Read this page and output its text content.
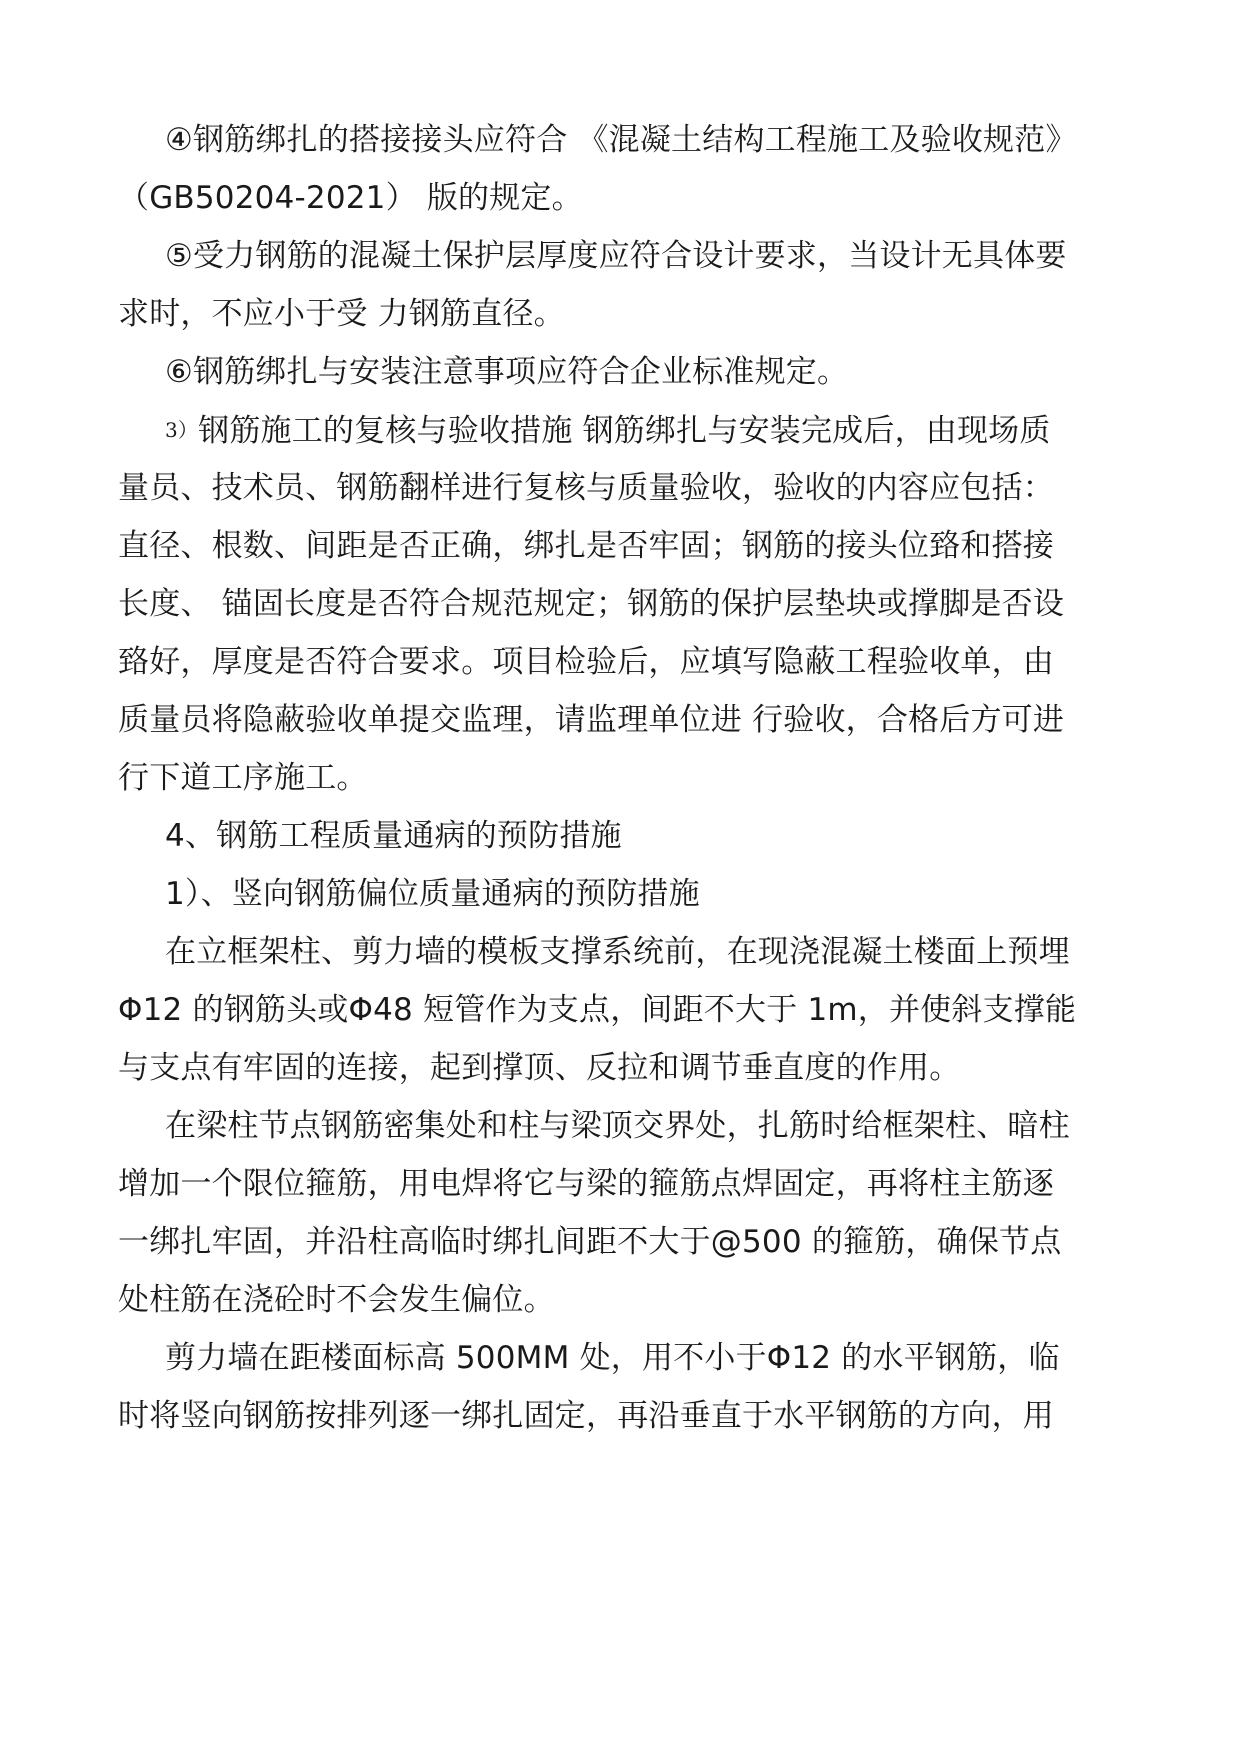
④钢筋绑扎的搭接接头应符合 《混凝土结构工程施工及验收规范》
（GB50204-2021） 版的规定。
⑤受力钢筋的混凝土保护层厚度应符合设计要求，当设计无具体要
求时，不应小于受 力钢筋直径。
⑥钢筋绑扎与安装注意事项应符合企业标准规定。
3）钢筋施工的复核与验收措施 钢筋绑扎与安装完成后，由现场质
量员、技术员、钢筋翻样进行复核与质量验收，验收的内容应包括：
直径、根数、间距是否正确，绑扎是否牢固；钢筋的接头位臵和搭接
长度、 锚固长度是否符合规范规定；钢筋的保护层垫块或撑脚是否设
臵好，厚度是否符合要求。项目检验后，应填写隐蔽工程验收单，由
质量员将隐蔽验收单提交监理，请监理单位进 行验收，合格后方可进
行下道工序施工。
4、钢筋工程质量通病的预防措施
1）、竖向钢筋偏位质量通病的预防措施
在立框架柱、剪力墙的模板支撑系统前，在现浇混凝土楼面上预埋
Φ12 的钢筋头或Φ48 短管作为支点，间距不大于 1m，并使斜支撑能
与支点有牢固的连接，起到撑顶、反拉和调节垂直度的作用。
在梁柱节点钢筋密集处和柱与梁顶交界处，扎筋时给框架柱、暗柱
增加一个限位箍筋，用电焊将它与梁的箍筋点焊固定，再将柱主筋逐
一绑扎牢固，并沿柱高临时绑扎间距不大于@500 的箍筋，确保节点
处柱筋在浇砼时不会发生偏位。
剪力墙在距楼面标高 500MM 处，用不小于Φ12 的水平钢筋，临
时将竖向钢筋按排列逐一绑扎固定，再沿垂直于水平钢筋的方向，用
